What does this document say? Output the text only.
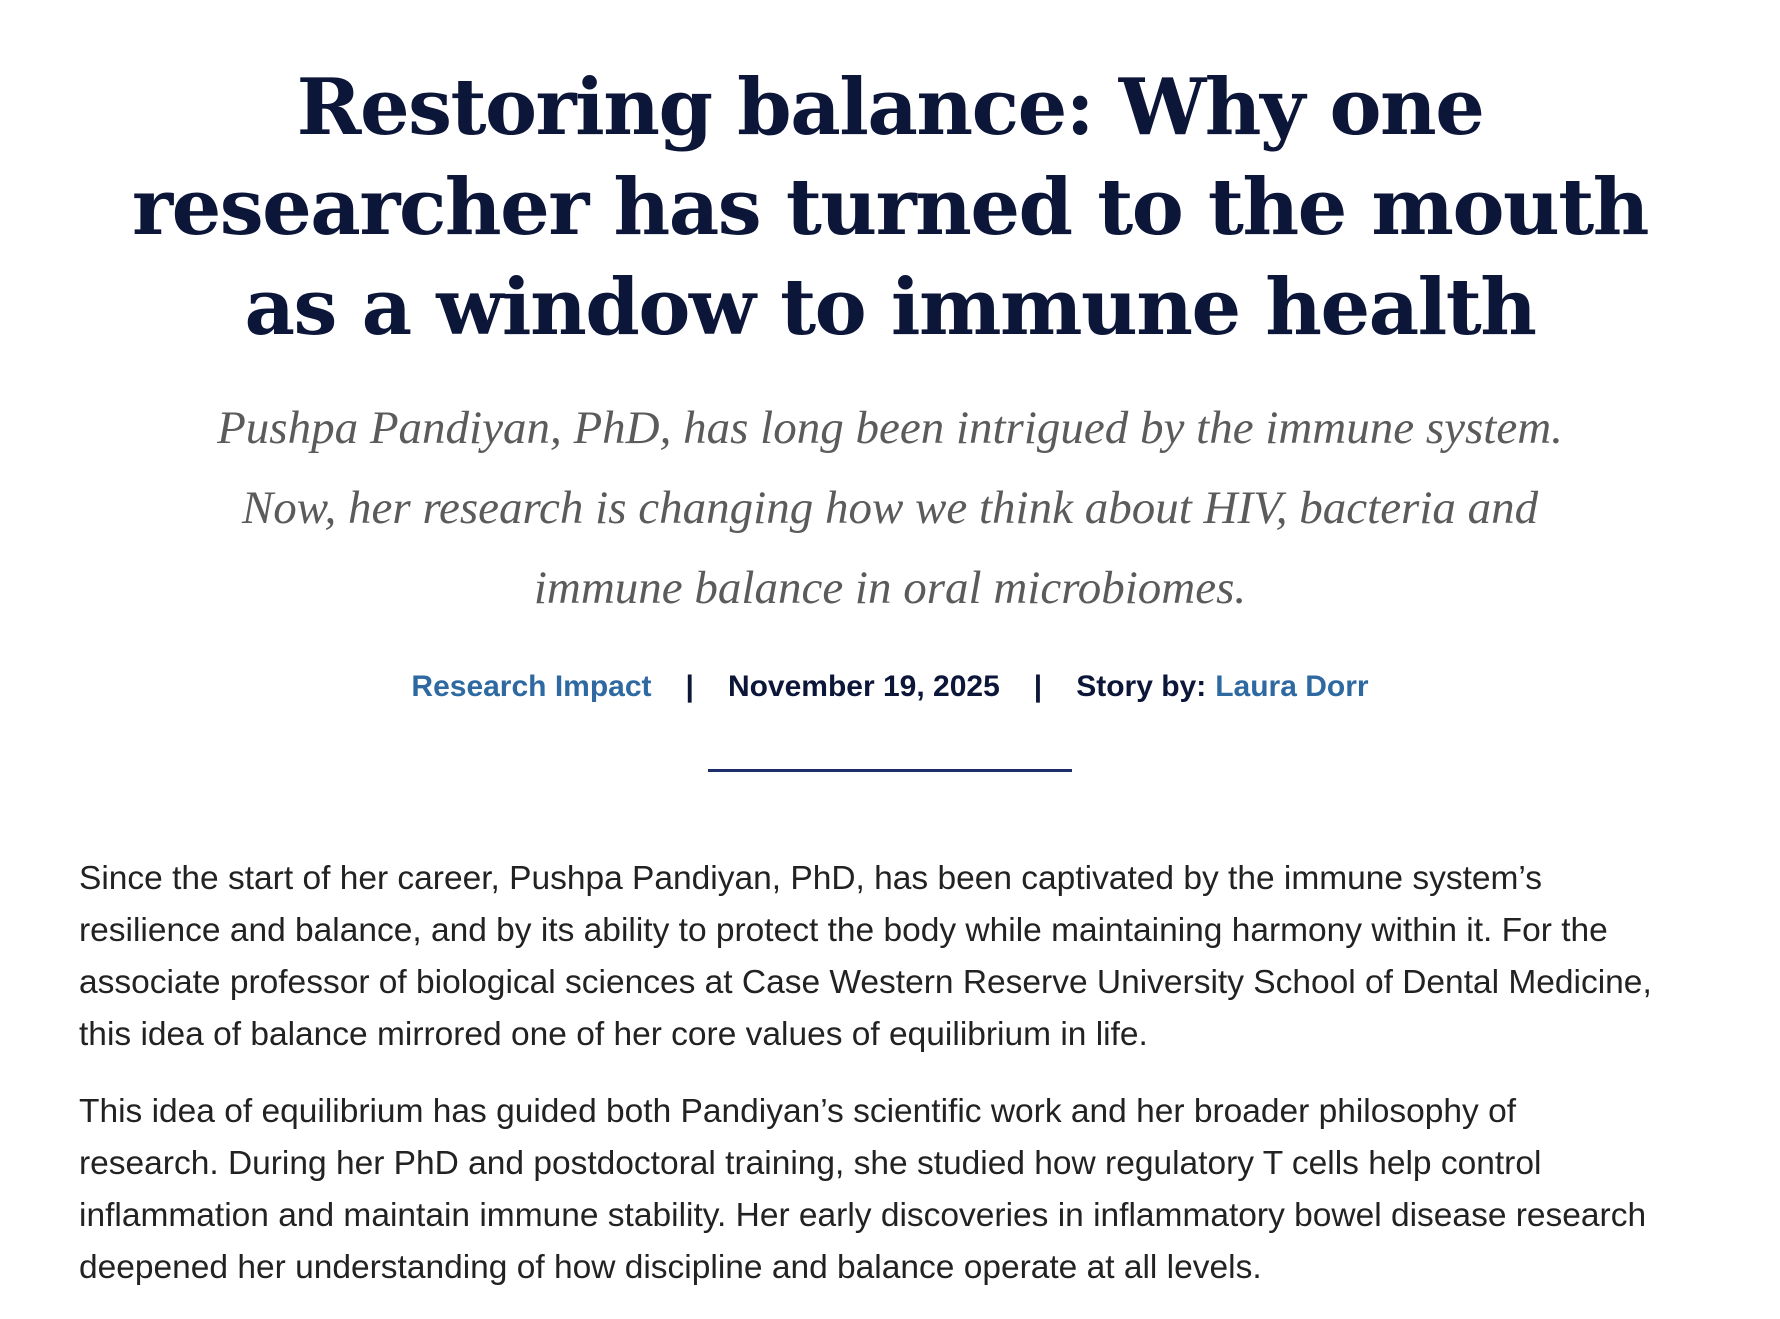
Restoring balance: Why one researcher has turned to the mouth as a window to immune health

Pushpa Pandiyan, PhD, has long been intrigued by the immune system. Now, her research is changing how we think about HIV, bacteria and immune balance in oral microbiomes.

Research Impact | November 19, 2025 | Story by: Laura Dorr

Since the start of her career, Pushpa Pandiyan, PhD, has been captivated by the immune system’s resilience and balance, and by its ability to protect the body while maintaining harmony within it. For the associate professor of biological sciences at Case Western Reserve University School of Dental Medicine, this idea of balance mirrored one of her core values of equilibrium in life.

This idea of equilibrium has guided both Pandiyan’s scientific work and her broader philosophy of research. During her PhD and postdoctoral training, she studied how regulatory T cells help control inflammation and maintain immune stability. Her early discoveries in inflammatory bowel disease research deepened her understanding of how discipline and balance operate at all levels.
